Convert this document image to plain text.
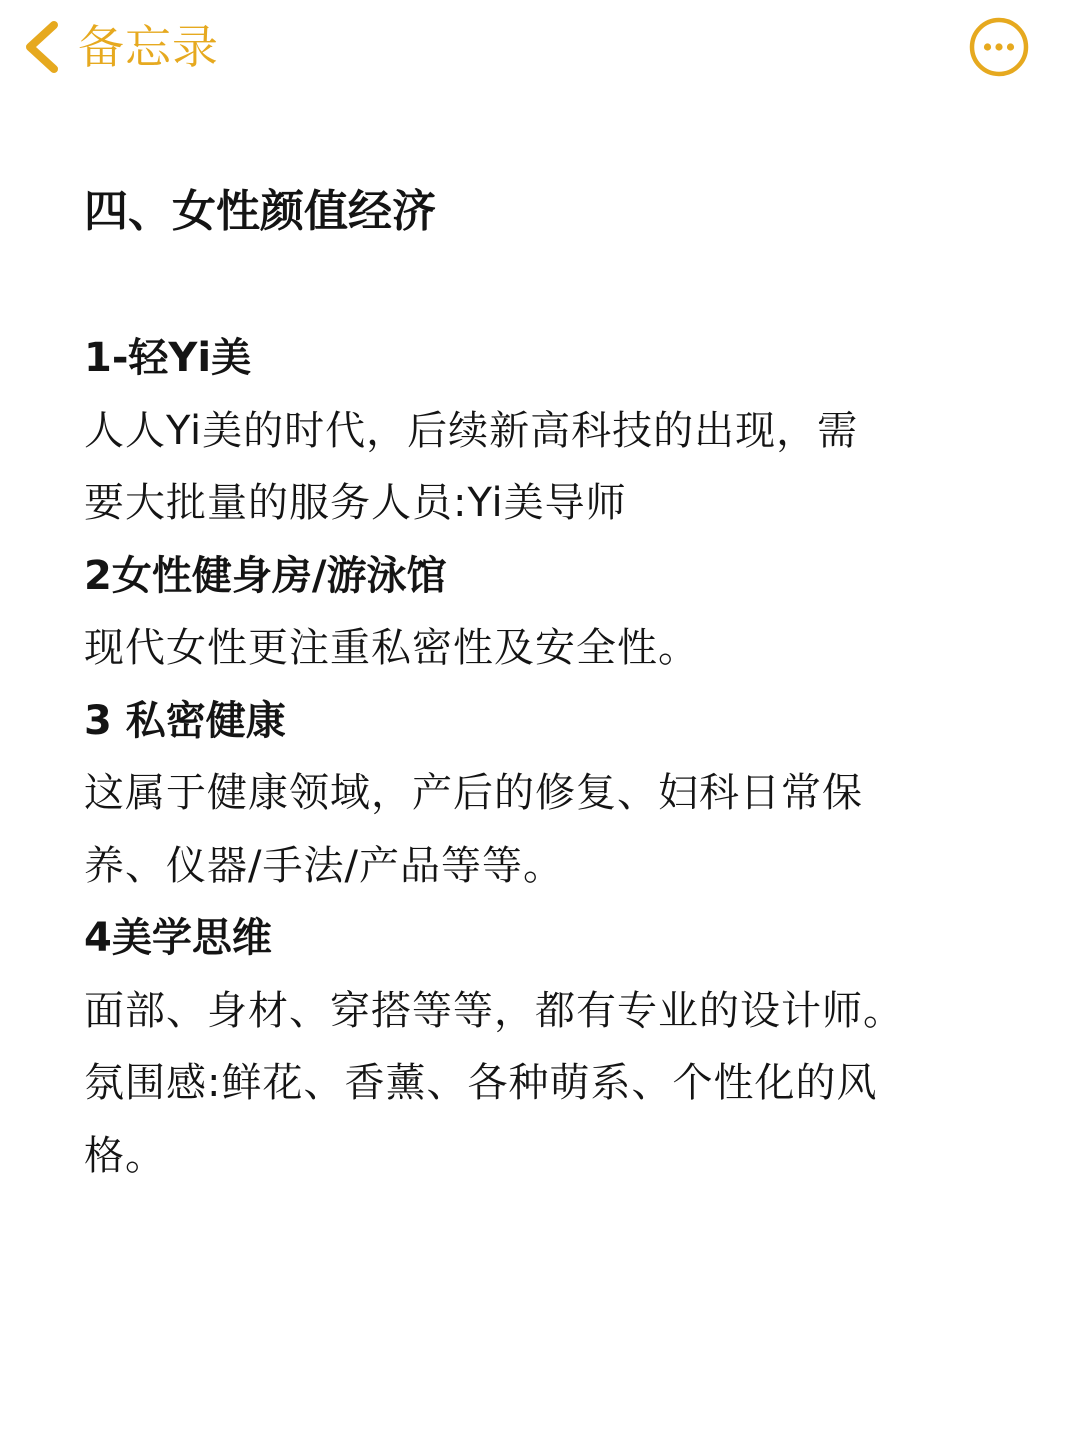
备忘录
四、女性颜值经济

1-轻Yi美

人人Yi美的时代，后续新高科技的出现，需

要大批量的服务人员:Yi美导师

2女性健身房/游泳馆

现代女性更注重私密性及安全性。

3 私密健康

这属于健康领域，产后的修复、妇科日常保

养、仪器/手法/产品等等。

4美学思维

面部、身材、穿搭等等，都有专业的设计师。

氛围感:鲜花、香薰、各种萌系、个性化的风

格。
